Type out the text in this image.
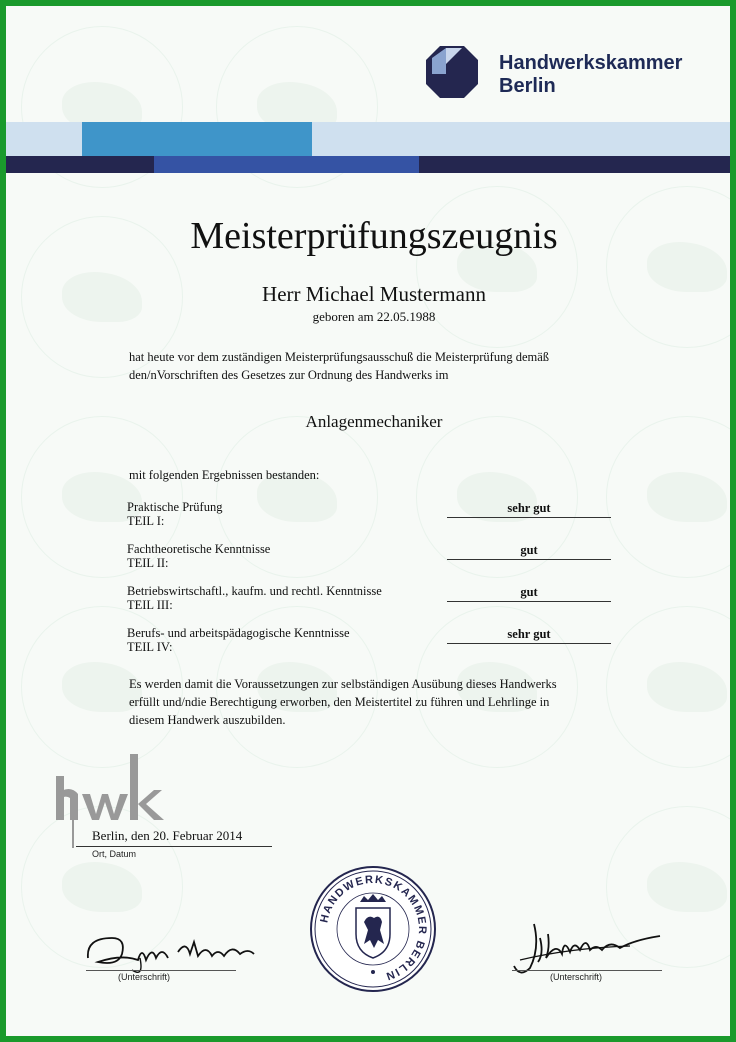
Handwerkskammer
Berlin
Meisterprüfungszeugnis
Herr Michael Mustermann
geboren am 22.05.1988
hat heute vor dem zuständigen Meisterprüfungsausschuß die Meisterprüfung demäß
den/nVorschriften des Gesetzes zur Ordnung des Handwerks im
Anlagenmechaniker
mit folgenden Ergebnissen bestanden:
Praktische Prüfung
TEIL I:
sehr gut
Fachtheoretische Kenntnisse
TEIL II:
gut
Betriebswirtschaftl., kaufm. und rechtl. Kenntnisse
TEIL III:
gut
Berufs- und arbeitspädagogische Kenntnisse
TEIL IV:
sehr gut
Es werden damit die Voraussetzungen zur selbständigen Ausübung dieses Handwerks
erfüllt und/ndie Berechtigung erworben, den Meistertitel zu führen und Lehrlinge in
diesem Handwerk auszubilden.
hwk
Berlin, den 20. Februar 2014
Ort, Datum
HANDWERKSKAMMER BERLIN
(Unterschrift)	(Unterschrift)
